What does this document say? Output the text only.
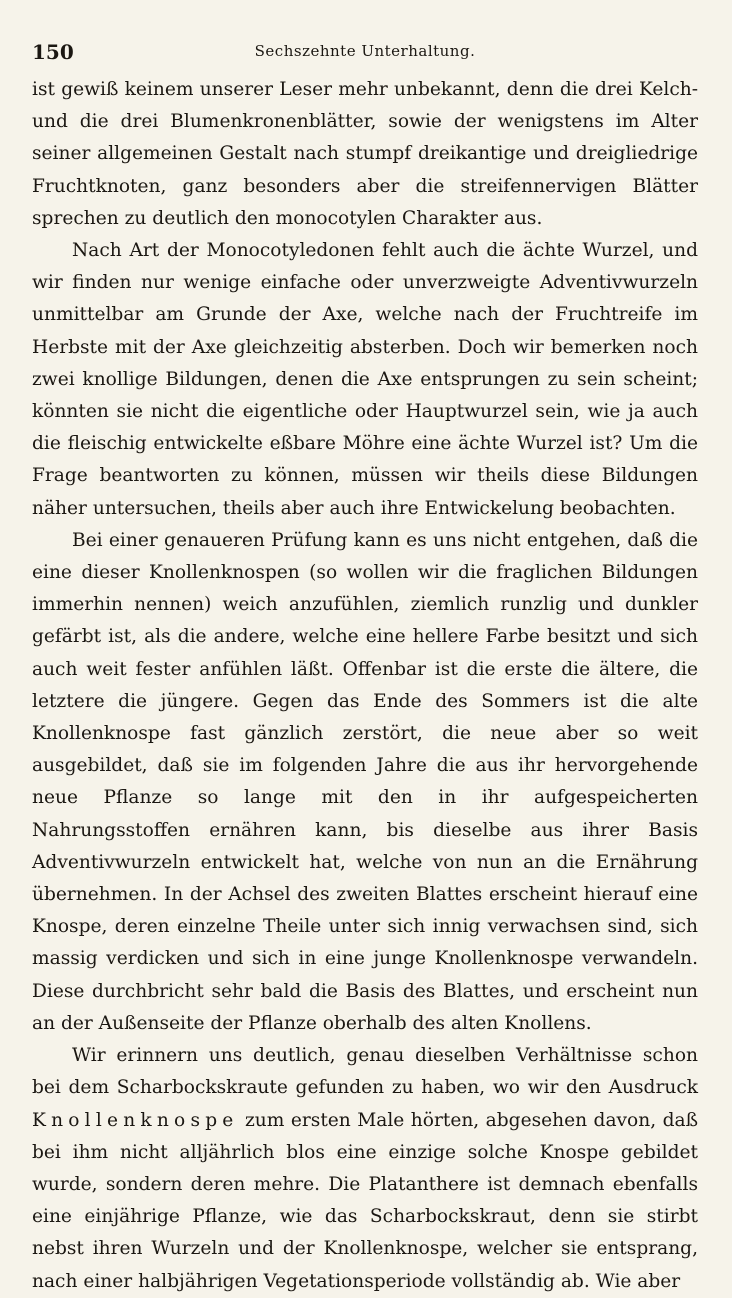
150	Sechszehnte Unterhaltung.

ist gewiß keinem unserer Leser mehr unbekannt, denn die drei Kelch- und die drei Blumenkronenblätter, sowie der wenigstens im Alter seiner allgemeinen Gestalt nach stumpf dreikantige und dreigliedrige Fruchtknoten, ganz besonders aber die streifennervigen Blätter sprechen zu deutlich den monocotylen Charakter aus.

Nach Art der Monocotyledonen fehlt auch die ächte Wurzel, und wir finden nur wenige einfache oder unverzweigte Adventivwurzeln unmittelbar am Grunde der Axe, welche nach der Fruchtreife im Herbste mit der Axe gleichzeitig absterben. Doch wir bemerken noch zwei knollige Bildungen, denen die Axe entsprungen zu sein scheint; könnten sie nicht die eigentliche oder Hauptwurzel sein, wie ja auch die fleischig entwickelte eßbare Möhre eine ächte Wurzel ist? Um die Frage beantworten zu können, müssen wir theils diese Bildungen näher untersuchen, theils aber auch ihre Entwickelung beobachten.

Bei einer genaueren Prüfung kann es uns nicht entgehen, daß die eine dieser Knollenknospen (so wollen wir die fraglichen Bildungen immerhin nennen) weich anzufühlen, ziemlich runzlig und dunkler gefärbt ist, als die andere, welche eine hellere Farbe besitzt und sich auch weit fester anfühlen läßt. Offenbar ist die erste die ältere, die letztere die jüngere. Gegen das Ende des Sommers ist die alte Knollenknospe fast gänzlich zerstört, die neue aber so weit ausgebildet, daß sie im folgenden Jahre die aus ihr hervorgehende neue Pflanze so lange mit den in ihr aufgespeicherten Nahrungsstoffen ernähren kann, bis dieselbe aus ihrer Basis Adventivwurzeln entwickelt hat, welche von nun an die Ernährung übernehmen. In der Achsel des zweiten Blattes erscheint hierauf eine Knospe, deren einzelne Theile unter sich innig verwachsen sind, sich massig verdicken und sich in eine junge Knollenknospe verwandeln. Diese durchbricht sehr bald die Basis des Blattes, und erscheint nun an der Außenseite der Pflanze oberhalb des alten Knollens.

Wir erinnern uns deutlich, genau dieselben Verhältnisse schon bei dem Scharbockskraute gefunden zu haben, wo wir den Ausdruck Knollenknospe zum ersten Male hörten, abgesehen davon, daß bei ihm nicht alljährlich blos eine einzige solche Knospe gebildet wurde, sondern deren mehre. Die Platanthere ist demnach ebenfalls eine einjährige Pflanze, wie das Scharbockskraut, denn sie stirbt nebst ihren Wurzeln und der Knollenknospe, welcher sie entsprang, nach einer halbjährigen Vegetationsperiode vollständig ab. Wie aber
